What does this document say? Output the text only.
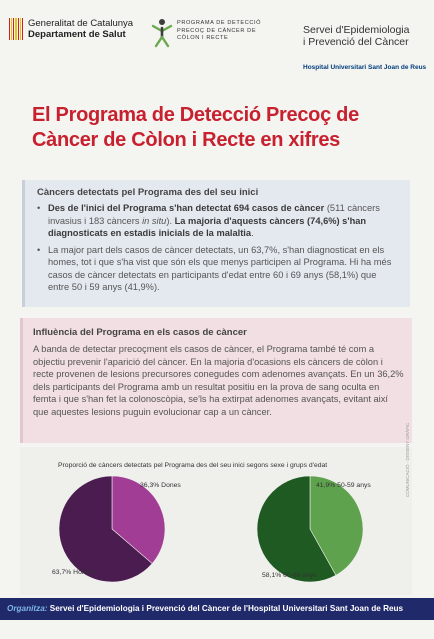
Generalitat de Catalunya
Departament de Salut
PROGRAMA DE DETECCIÓ
PRECOÇ DE CÀNCER DE
CÒLON I RECTE
Servei d'Epidemiologia
i Prevenció del Càncer
Hospital Universitari Sant Joan de Reus
El Programa de Detecció Precoç de
Càncer de Còlon i Recte en xifres
Càncers detectats pel Programa des del seu inici
• Des de l'inici del Programa s'han detectat 694 casos de càncer (511 càncers invasius i 183 càncers in situ). La majoria d'aquests càncers (74,6%) s'han diagnosticats en estadis inicials de la malaltia.
• La major part dels casos de càncer detectats, un 63,7%, s'han diagnosticat en els homes, tot i que s'ha vist que són els que menys participen al Programa. Hi ha més casos de càncer detectats en participants d'edat entre 60 i 69 anys (58,1%) que entre 50 i 59 anys (41,9%).
Influència del Programa en els casos de càncer
A banda de detectar precoçment els casos de càncer, el Programa també té com a objectiu prevenir l'aparició del càncer. En la majoria d'ocasions els càncers de còlon i recte provenen de lesions precursores conegudes com adenomes avançats. En un 36,2% dels participants del Programa amb un resultat positiu en la prova de sang oculta en femta i que s'han fet la colonoscòpia, se'ls ha extirpat adenomes avançats, evitant així que aquestes lesions puguin evolucionar cap a un càncer.
Proporció de càncers detectats pel Programa des del seu inici segons sexe i grups d'edat
36,3% Dones
63,7% Homes
41,9% 50-59 anys
58,1% 60-69 anys
COMUNICACIÓ · DISSENY GRÀFIC
Organitza: Servei d'Epidemiologia i Prevenció del Càncer de l'Hospital Universitari Sant Joan de Reus
